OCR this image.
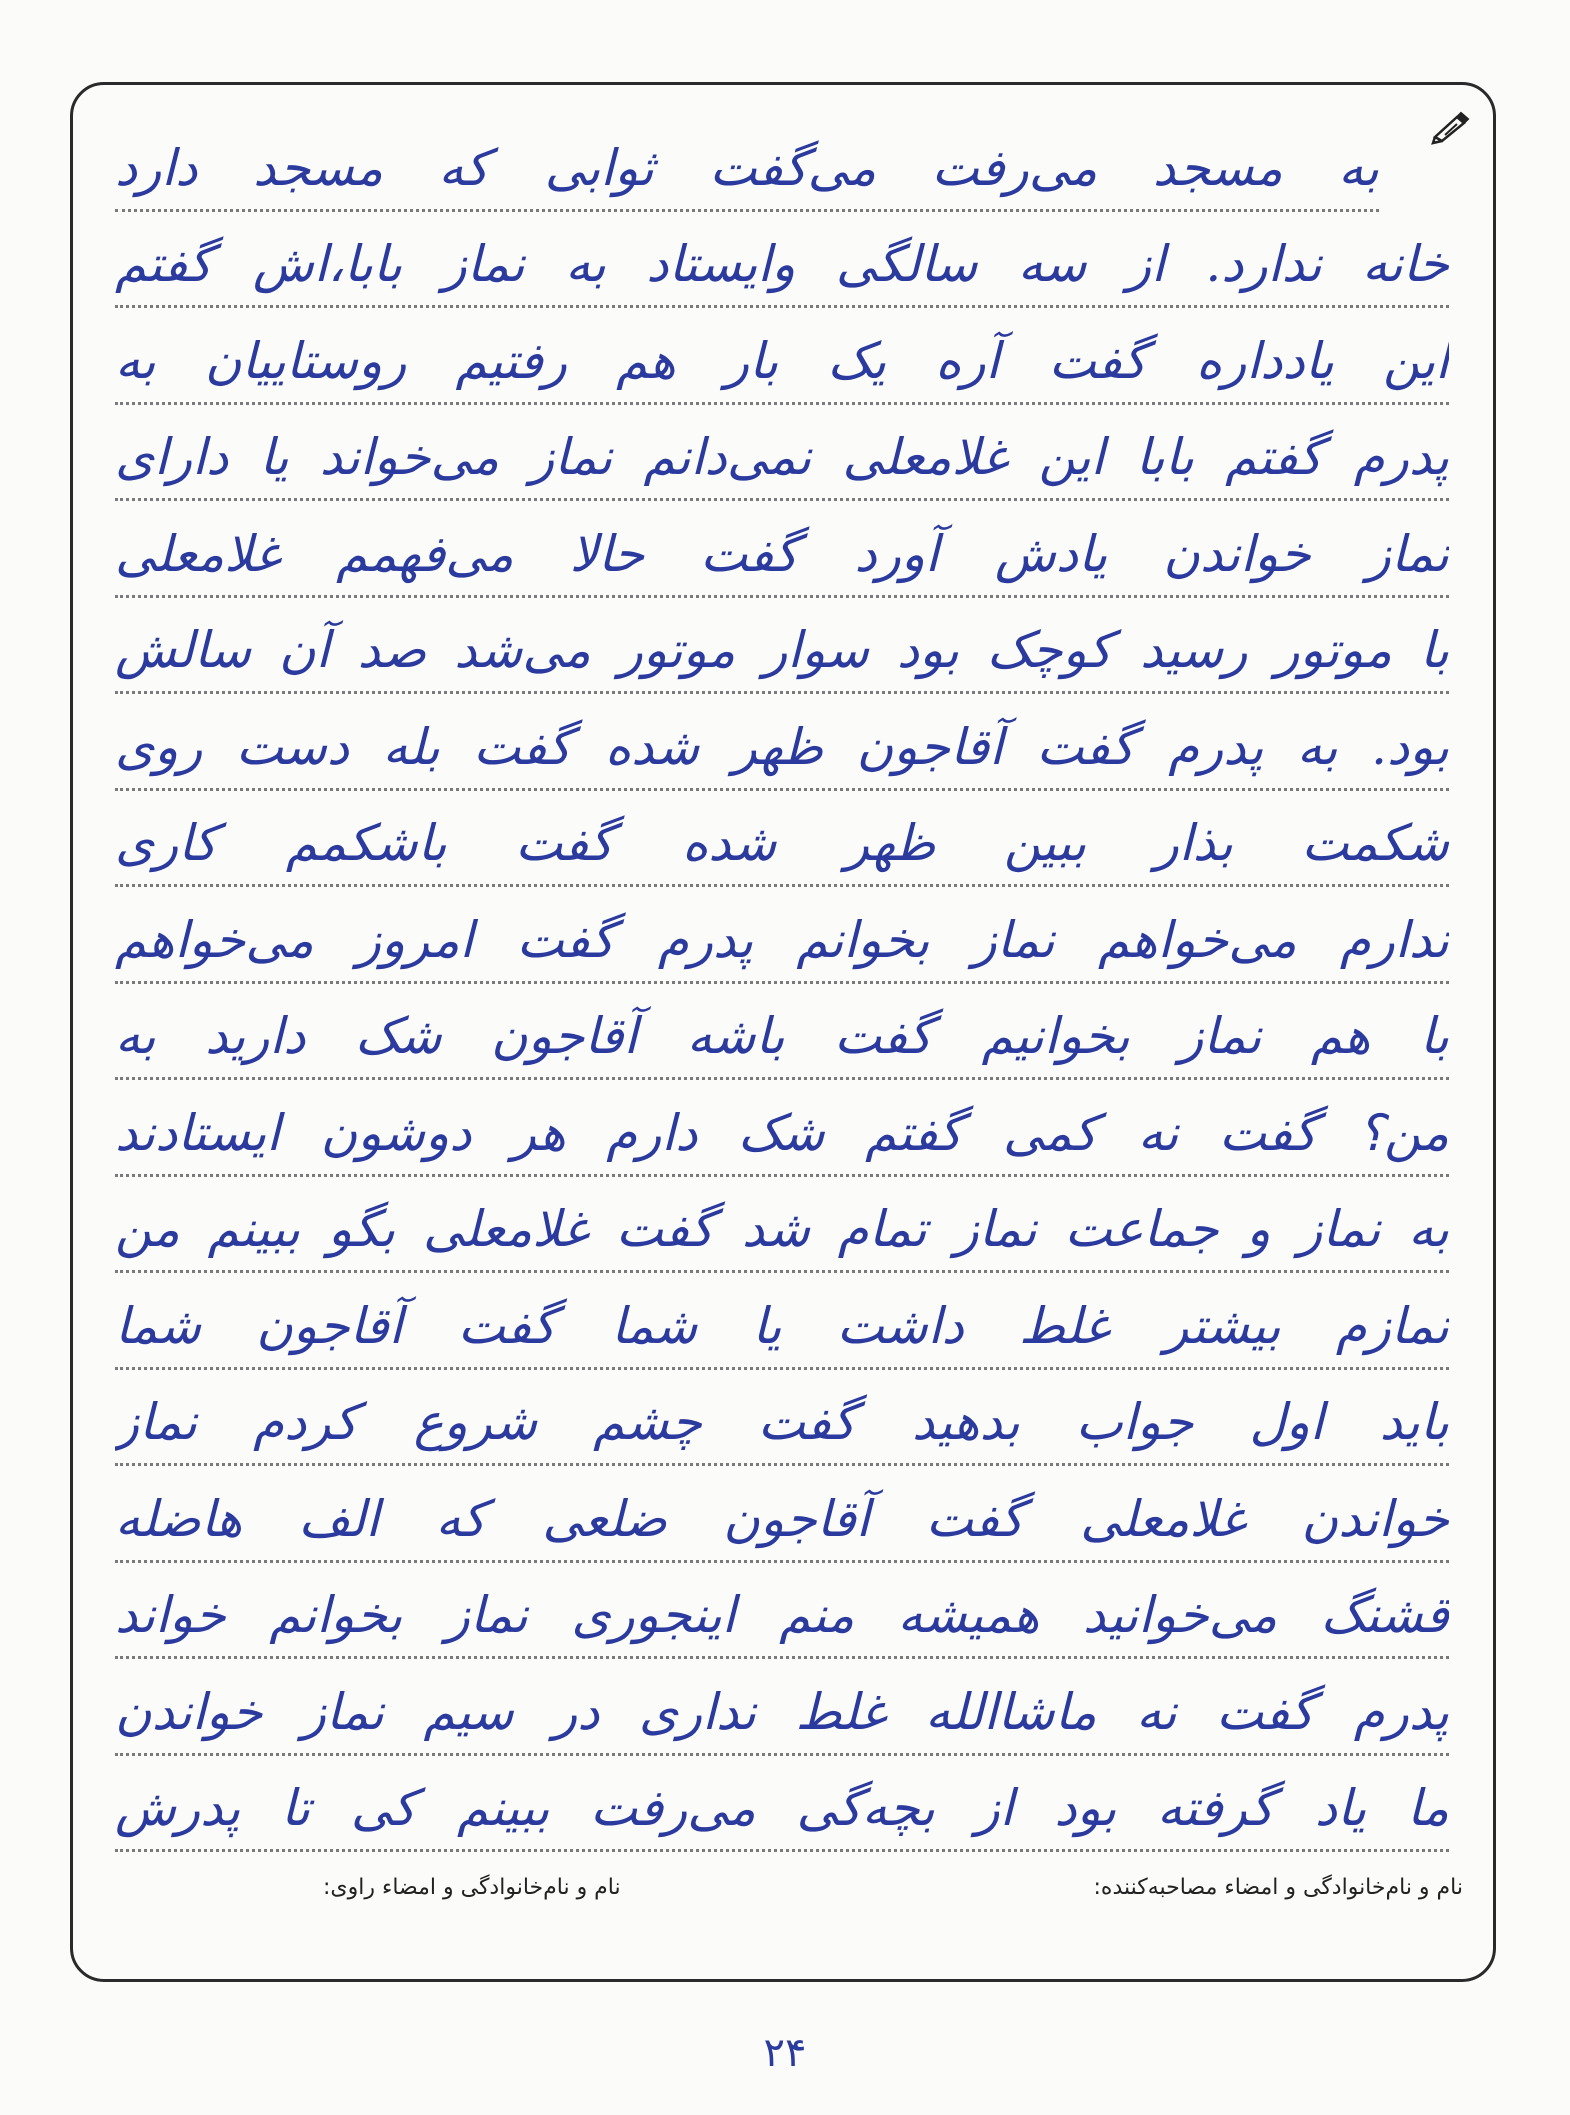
به مسجد می‌رفت می‌گفت ثوابی که مسجد دارد
خانه ندارد. از سه سالگی وایستاد به نماز بابا،اش گفتم
این یادداره گفت آره یک بار هم رفتیم روستاییان به
پدرم گفتم بابا این غلامعلی نمی‌دانم نماز می‌خواند یا دارای
نماز خواندن یادش آورد گفت حالا می‌فهمم غلامعلی
با موتور رسید کوچک بود سوار موتور می‌شد صد آن سالش
بود. به پدرم گفت آقاجون ظهر شده گفت بله دست روی
شکمت بذار ببین ظهر شده گفت باشکمم کاری
ندارم می‌خواهم نماز بخوانم پدرم گفت امروز می‌خواهم
با هم نماز بخوانیم گفت باشه آقاجون شک دارید به
من؟ گفت نه کمی گفتم شک دارم هر دوشون ایستادند
به نماز و جماعت نماز تمام شد گفت غلامعلی بگو ببینم من
نمازم بیشتر غلط داشت یا شما گفت آقاجون شما
باید اول جواب بدهید گفت چشم شروع کردم نماز
خواندن غلامعلی گفت آقاجون ضلعی که الف هاضله
قشنگ می‌خوانید همیشه منم اینجوری نماز بخوانم خواند
پدرم گفت نه ماشاالله غلط نداری در سیم نماز خواندن
ما یاد گرفته بود از بچه‌گی می‌رفت ببینم کی تا پدرش
نام و نام‌خانوادگی و امضاء مصاحبه‌کننده:
نام و نام‌خانوادگی و امضاء راوی:
۲۴
